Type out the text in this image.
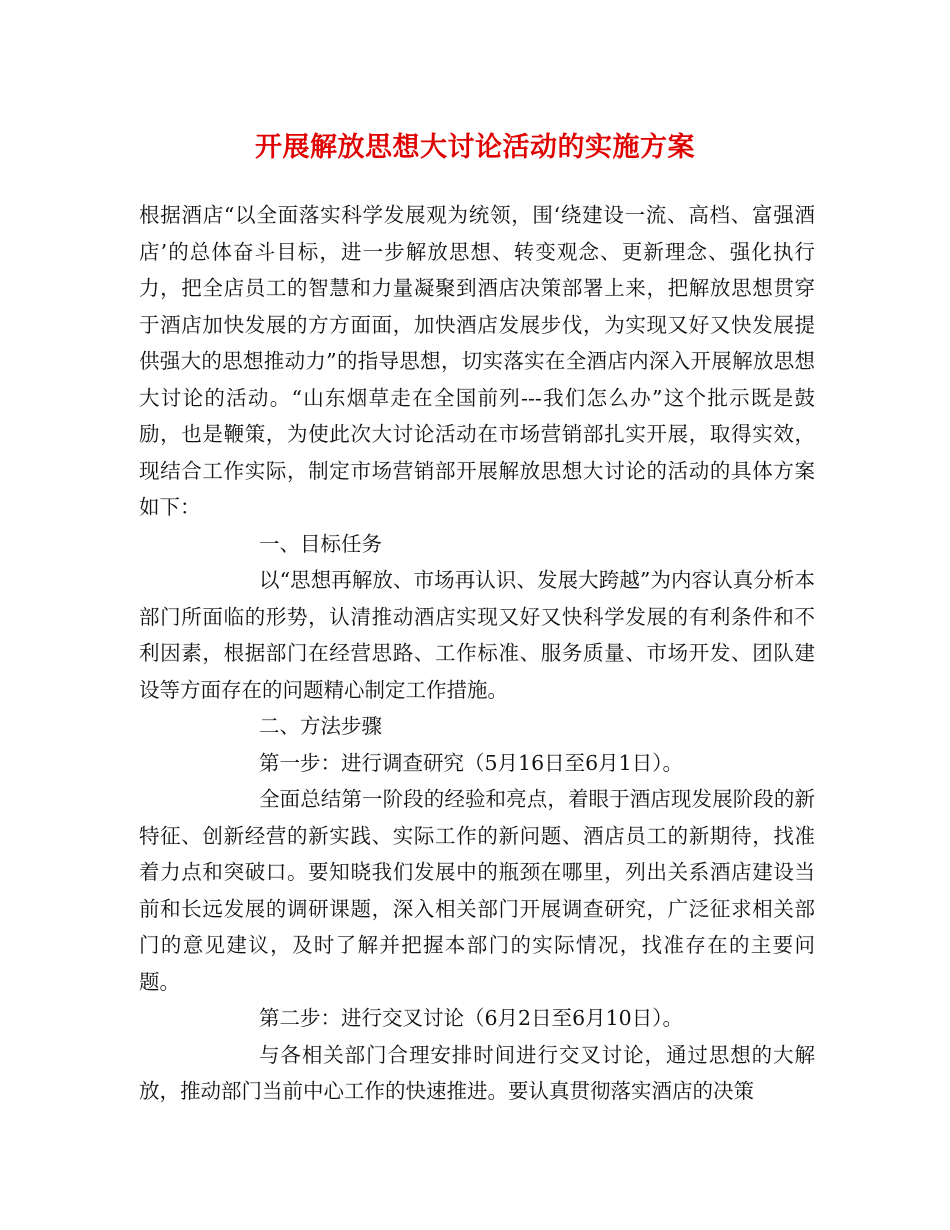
开展解放思想大讨论活动的实施方案

根据酒店“以全面落实科学发展观为统领，围‘绕建设一流、高档、富强酒店’的总体奋斗目标，进一步解放思想、转变观念、更新理念、强化执行力，把全店员工的智慧和力量凝聚到酒店决策部署上来，把解放思想贯穿于酒店加快发展的方方面面，加快酒店发展步伐，为实现又好又快发展提供强大的思想推动力”的指导思想，切实落实在全酒店内深入开展解放思想大讨论的活动。“山东烟草走在全国前列---我们怎么办”这个批示既是鼓励，也是鞭策，为使此次大讨论活动在市场营销部扎实开展，取得实效，现结合工作实际，制定市场营销部开展解放思想大讨论的活动的具体方案如下：

一、目标任务

以“思想再解放、市场再认识、发展大跨越”为内容认真分析本部门所面临的形势，认清推动酒店实现又好又快科学发展的有利条件和不利因素，根据部门在经营思路、工作标准、服务质量、市场开发、团队建设等方面存在的问题精心制定工作措施。

二、方法步骤

第一步：进行调查研究（5月16日至6月1日）。

全面总结第一阶段的经验和亮点，着眼于酒店现发展阶段的新特征、创新经营的新实践、实际工作的新问题、酒店员工的新期待，找准着力点和突破口。要知晓我们发展中的瓶颈在哪里，列出关系酒店建设当前和长远发展的调研课题，深入相关部门开展调查研究，广泛征求相关部门的意见建议，及时了解并把握本部门的实际情况，找准存在的主要问题。

第二步：进行交叉讨论（6月2日至6月10日）。

与各相关部门合理安排时间进行交叉讨论，通过思想的大解放，推动部门当前中心工作的快速推进。要认真贯彻落实酒店的决策
